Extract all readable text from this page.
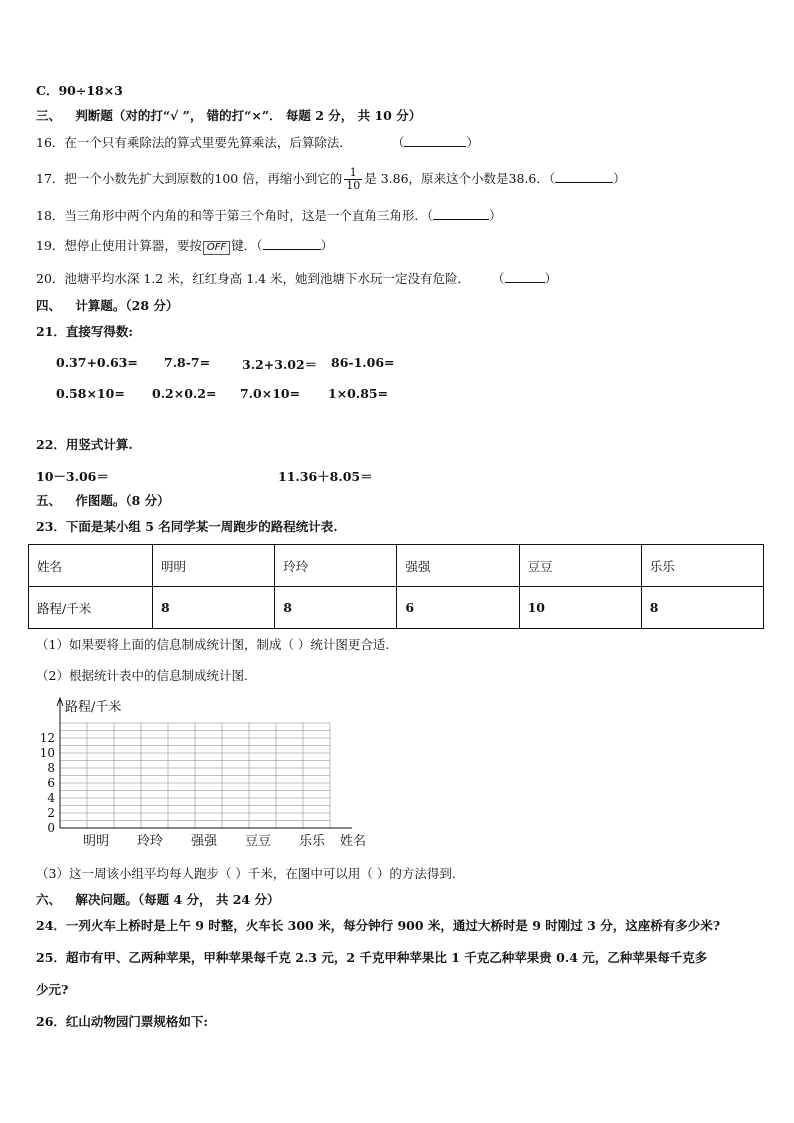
C．90÷18×3
三、 判断题（对的打“√ ”， 错的打“×”． 每题 2 分， 共 10 分）
16．在一个只有乘除法的算式里要先算乘法，后算除法．	（	）
17．把一个小数先扩大到原数的100 倍，再缩小到它的 $\frac{1}{10}$ 是 3.86，原来这个小数是38.6．（	）
18．当三角形中两个内角的和等于第三个角时，这是一个直角三角形．（	）
19．想停止使用计算器，要按 OFF 键．（	）
20．池塘平均水深 1.2 米，红红身高 1.4 米，她到池塘下水玩一定没有危险． （	）
四、 计算题。（28 分）
21．直接写得数:
0.37+0.63= 7.8-7=	3.2+3.02＝ 86-1.06=
0.58×10= 0.2×0.2= 7.0×10= 1×0.85=
22．用竖式计算.
10－3.06＝	11.36＋8.05＝
五、 作图题。（8 分）
23．下面是某小组 5 名同学某一周跑步的路程统计表.
姓名	明明	玲玲	强强	豆豆	乐乐
路程/千米	8	8	6	10	8
（1）如果要将上面的信息制成统计图，制成（ ）统计图更合适.
（2）根据统计表中的信息制成统计图.
0
2
4
6
8
10
12
路程/千米
明明 玲玲 强强 豆豆 乐乐 姓名
（3）这一周该小组平均每人跑步（ ）千米，在图中可以用（ ）的方法得到.
六、 解决问题。（每题 4 分， 共 24 分）
24．一列火车上桥时是上午 9 时整，火车长 300 米，每分钟行 900 米，通过大桥时是 9 时刚过 3 分，这座桥有多少米?
25．超市有甲、乙两种苹果，甲种苹果每千克 2.3 元，2 千克甲种苹果比 1 千克乙种苹果贵 0.4 元，乙种苹果每千克多
少元?
26．红山动物园门票规格如下:
